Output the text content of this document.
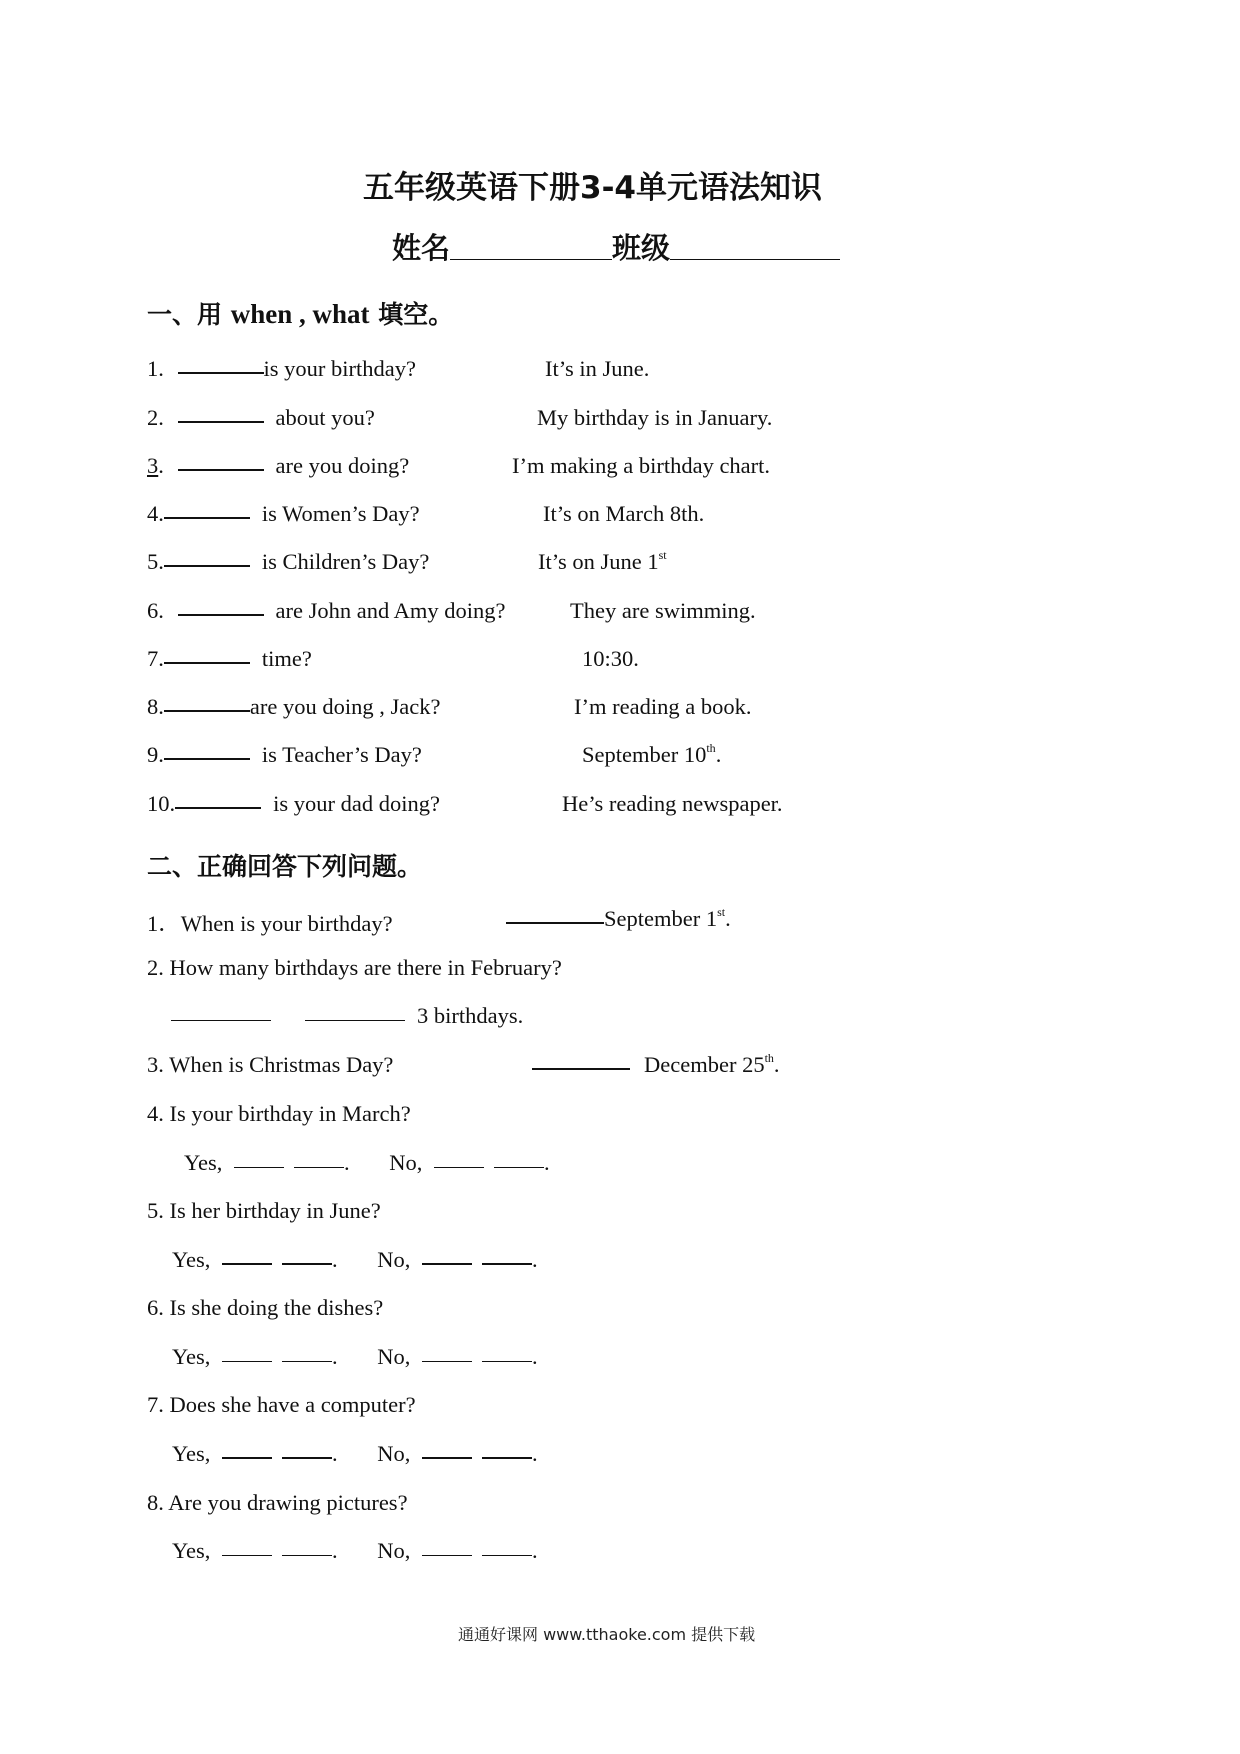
五年级英语下册3-4单元语法知识
姓名	班级
一、用 when , what 填空。
1.	is your birthday?	It’s in June.
2.	about you?	My birthday is in January.
3.	are you doing?	I’m making a birthday chart.
4.	is Women’s Day?	It’s on March 8th.
5.	is Children’s Day?	It’s on June 1st
6.	are John and Amy doing?	They are swimming.
7.	time?	10:30.
8.	are you doing , Jack?	I’m reading a book.
9.	is Teacher’s Day?	September 10th.
10.	is your dad doing?	He’s reading newspaper.
二、正确回答下列问题。
1．When is your birthday?	September 1st.
2. How many birthdays are there in February?
3 birthdays.
3. When is Christmas Day?	December 25th.
4. Is your birthday in March?
Yes,	. No,	.
5. Is her birthday in June?
Yes,	. No,	.
6. Is she doing the dishes?
Yes,	. No,	.
7. Does she have a computer?
Yes,	. No,	.
8. Are you drawing pictures?
Yes,	. No,	.
通通好课网 www.tthaoke.com 提供下载
